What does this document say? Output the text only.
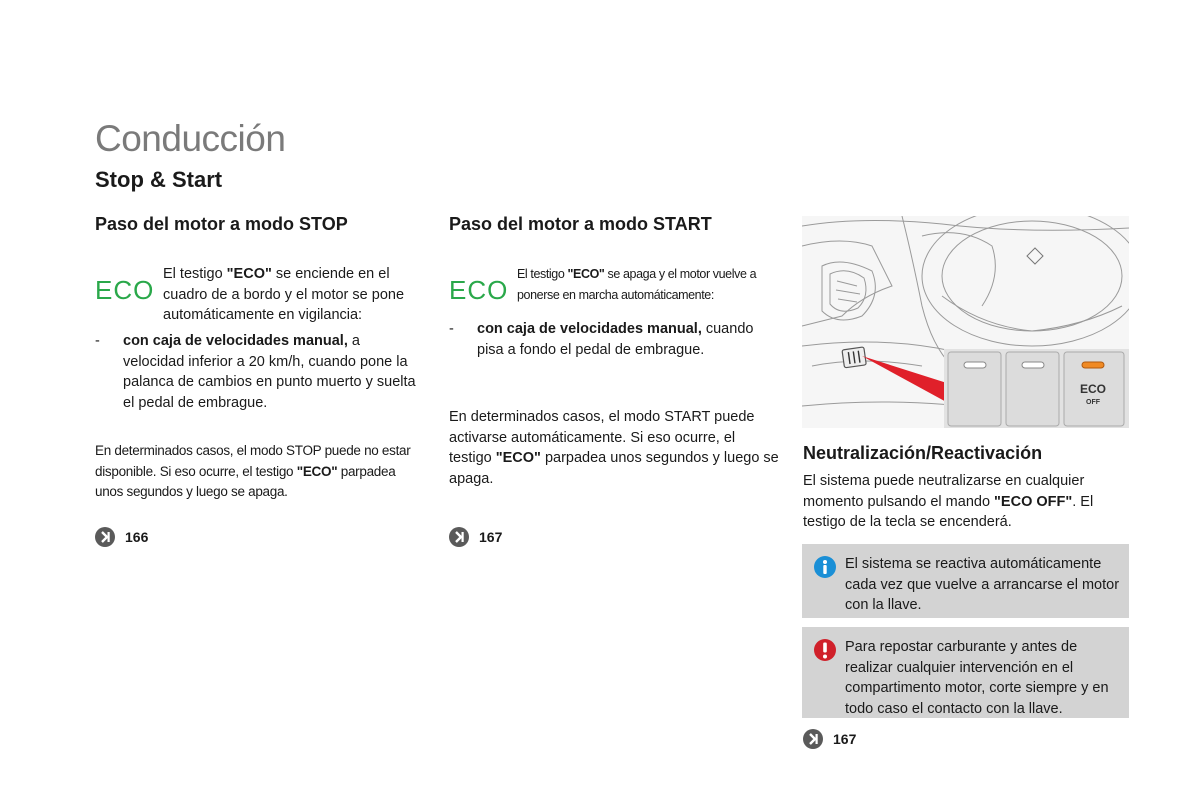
Conducción
Stop & Start
Paso del motor a modo STOP
ECO
El testigo "ECO" se enciende en el cuadro de a bordo y el motor se pone automáticamente en vigilancia:
- con caja de velocidades manual, a velocidad inferior a 20 km/h, cuando pone la palanca de cambios en punto muerto y suelta el pedal de embrague.
En determinados casos, el modo STOP puede no estar disponible. Si eso ocurre, el testigo "ECO" parpadea unos segundos y luego se apaga.
166
Paso del motor a modo START
ECO
El testigo "ECO" se apaga y el motor vuelve a ponerse en marcha automáticamente:
- con caja de velocidades manual, cuando pisa a fondo el pedal de embrague.
En determinados casos, el modo START puede activarse automáticamente. Si eso ocurre, el testigo "ECO" parpadea unos segundos y luego se apaga.
167
ECO
OFF
Neutralización/Reactivación
El sistema puede neutralizarse en cualquier momento pulsando el mando "ECO OFF". El testigo de la tecla se encenderá.
El sistema se reactiva automáticamente cada vez que vuelve a arrancarse el motor con la llave.
Para repostar carburante y antes de realizar cualquier intervención en el compartimento motor, corte siempre y en todo caso el contacto con la llave.
167
